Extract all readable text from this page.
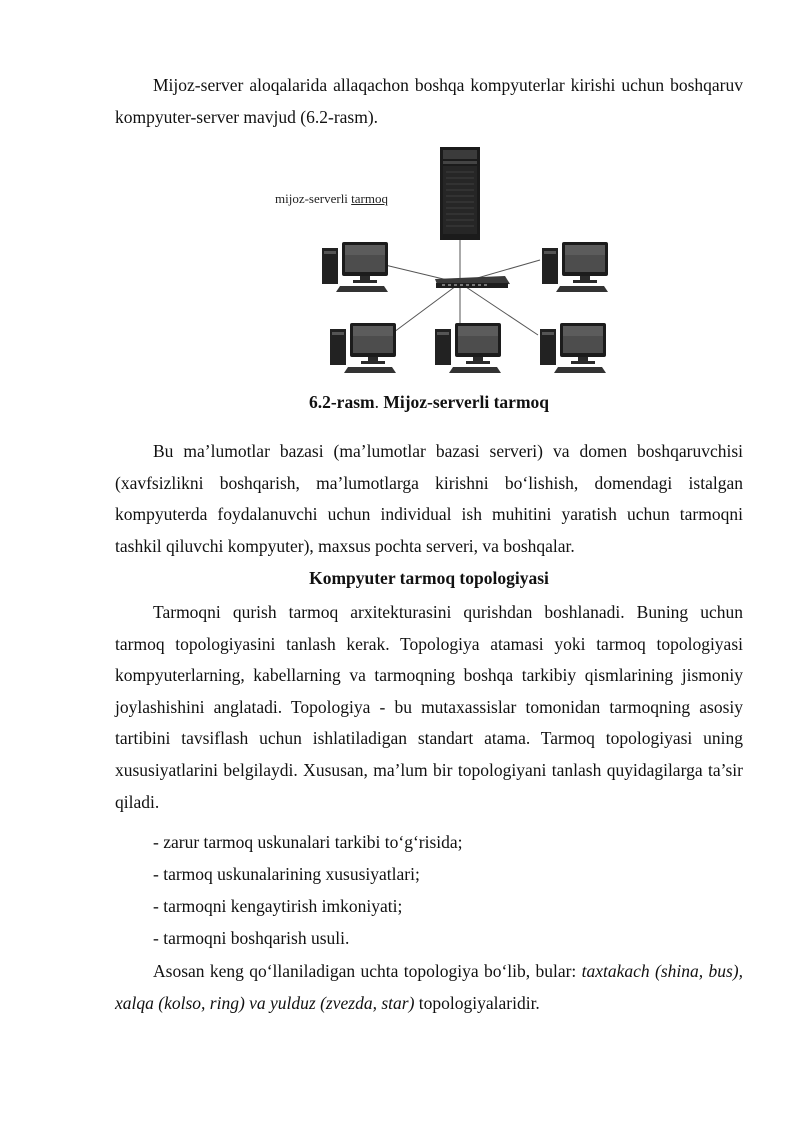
Mijoz-server aloqalarida allaqachon boshqa kompyuterlar kirishi uchun boshqaruv kompyuter-server mavjud (6.2-rasm).

mijoz-serverli tarmoq
6.2-rasm. Mijoz-serverli tarmoq

Bu ma’lumotlar bazasi (ma’lumotlar bazasi serveri) va domen boshqaruvchisi (xavfsizlikni boshqarish, ma’lumotlarga kirishni bo‘lishish, domendagi istalgan kompyuterda foydalanuvchi uchun individual ish muhitini yaratish uchun tarmoqni tashkil qiluvchi kompyuter), maxsus pochta serveri, va boshqalar.

Kompyuter tarmoq topologiyasi

Tarmoqni qurish tarmoq arxitekturasini qurishdan boshlanadi. Buning uchun tarmoq topologiyasini tanlash kerak. Topologiya atamasi yoki tarmoq topologiyasi kompyuterlarning, kabellarning va tarmoqning boshqa tarkibiy qismlarining jismoniy joylashishini anglatadi. Topologiya - bu mutaxassislar tomonidan tarmoqning asosiy tartibini tavsiflash uchun ishlatiladigan standart atama. Tarmoq topologiyasi uning xususiyatlarini belgilaydi. Xususan, ma’lum bir topologiyani tanlash quyidagilarga ta’sir qiladi.

- zarur tarmoq uskunalari tarkibi to‘g‘risida;

- tarmoq uskunalarining xususiyatlari;

- tarmoqni kengaytirish imkoniyati;

- tarmoqni boshqarish usuli.

Asosan keng qo‘llaniladigan uchta topologiya bo‘lib, bular: taxtakach (shina, bus), xalqa (kolso, ring) va yulduz (zvezda, star) topologiyalaridir.
